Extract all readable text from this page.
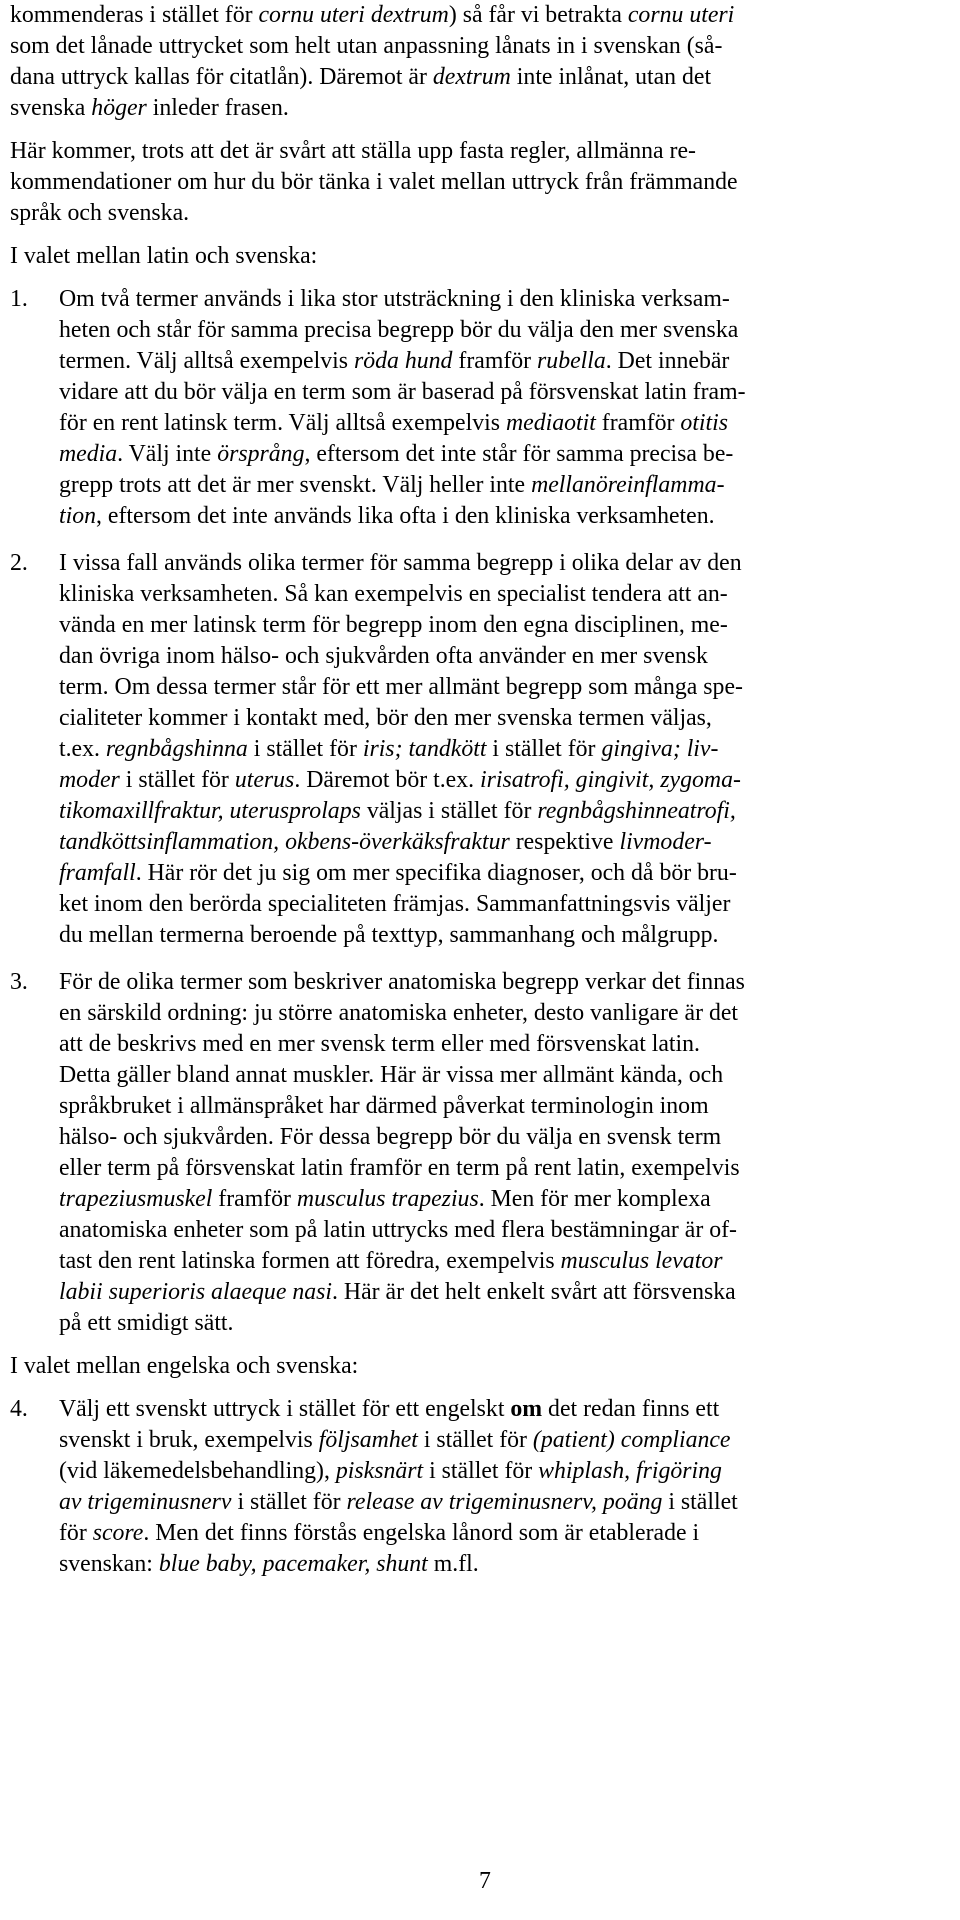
kommenderas i stället för cornu uteri dextrum) så får vi betrakta cornu uteri
som det lånade uttrycket som helt utan anpassning lånats in i svenskan (så-
dana uttryck kallas för citatlån). Däremot är dextrum inte inlånat, utan det
svenska höger inleder frasen.
Här kommer, trots att det är svårt att ställa upp fasta regler, allmänna re-
kommendationer om hur du bör tänka i valet mellan uttryck från främmande
språk och svenska.

I valet mellan latin och svenska:

1. Om två termer används i lika stor utsträckning i den kliniska verksam-
heten och står för samma precisa begrepp bör du välja den mer svenska
termen. Välj alltså exempelvis röda hund framför rubella. Det innebär
vidare att du bör välja en term som är baserad på försvenskat latin fram-
för en rent latinsk term. Välj alltså exempelvis mediaotit framför otitis
media. Välj inte örsprång, eftersom det inte står för samma precisa be-
grepp trots att det är mer svenskt. Välj heller inte mellanöreinflamma-
tion, eftersom det inte används lika ofta i den kliniska verksamheten.
2. I vissa fall används olika termer för samma begrepp i olika delar av den
kliniska verksamheten. Så kan exempelvis en specialist tendera att an-
vända en mer latinsk term för begrepp inom den egna disciplinen, me-
dan övriga inom hälso- och sjukvården ofta använder en mer svensk
term. Om dessa termer står för ett mer allmänt begrepp som många spe-
cialiteter kommer i kontakt med, bör den mer svenska termen väljas,
t.ex. regnbågshinna i stället för iris; tandkött i stället för gingiva; liv-
moder i stället för uterus. Däremot bör t.ex. irisatrofi, gingivit, zygoma-
tikomaxillfraktur, uterusprolaps väljas i stället för regnbågshinneatrofi,
tandköttsinflammation, okbens-överkäksfraktur respektive livmoder-
framfall. Här rör det ju sig om mer specifika diagnoser, och då bör bru-
ket inom den berörda specialiteten främjas. Sammanfattningsvis väljer
du mellan termerna beroende på texttyp, sammanhang och målgrupp.
3. För de olika termer som beskriver anatomiska begrepp verkar det finnas
en särskild ordning: ju större anatomiska enheter, desto vanligare är det
att de beskrivs med en mer svensk term eller med försvenskat latin.
Detta gäller bland annat muskler. Här är vissa mer allmänt kända, och
språkbruket i allmänspråket har därmed påverkat terminologin inom
hälso- och sjukvården. För dessa begrepp bör du välja en svensk term
eller term på försvenskat latin framför en term på rent latin, exempelvis
trapeziusmuskel framför musculus trapezius. Men för mer komplexa
anatomiska enheter som på latin uttrycks med flera bestämningar är of-
tast den rent latinska formen att föredra, exempelvis musculus levator
labii superioris alaeque nasi. Här är det helt enkelt svårt att försvenska
på ett smidigt sätt.

I valet mellan engelska och svenska:

4. Välj ett svenskt uttryck i stället för ett engelskt om det redan finns ett
svenskt i bruk, exempelvis följsamhet i stället för (patient) compliance
(vid läkemedelsbehandling), pisksnärt i stället för whiplash, frigöring
av trigeminusnerv i stället för release av trigeminusnerv, poäng i stället
för score. Men det finns förstås engelska lånord som är etablerade i
svenskan: blue baby, pacemaker, shunt m.fl.
7
